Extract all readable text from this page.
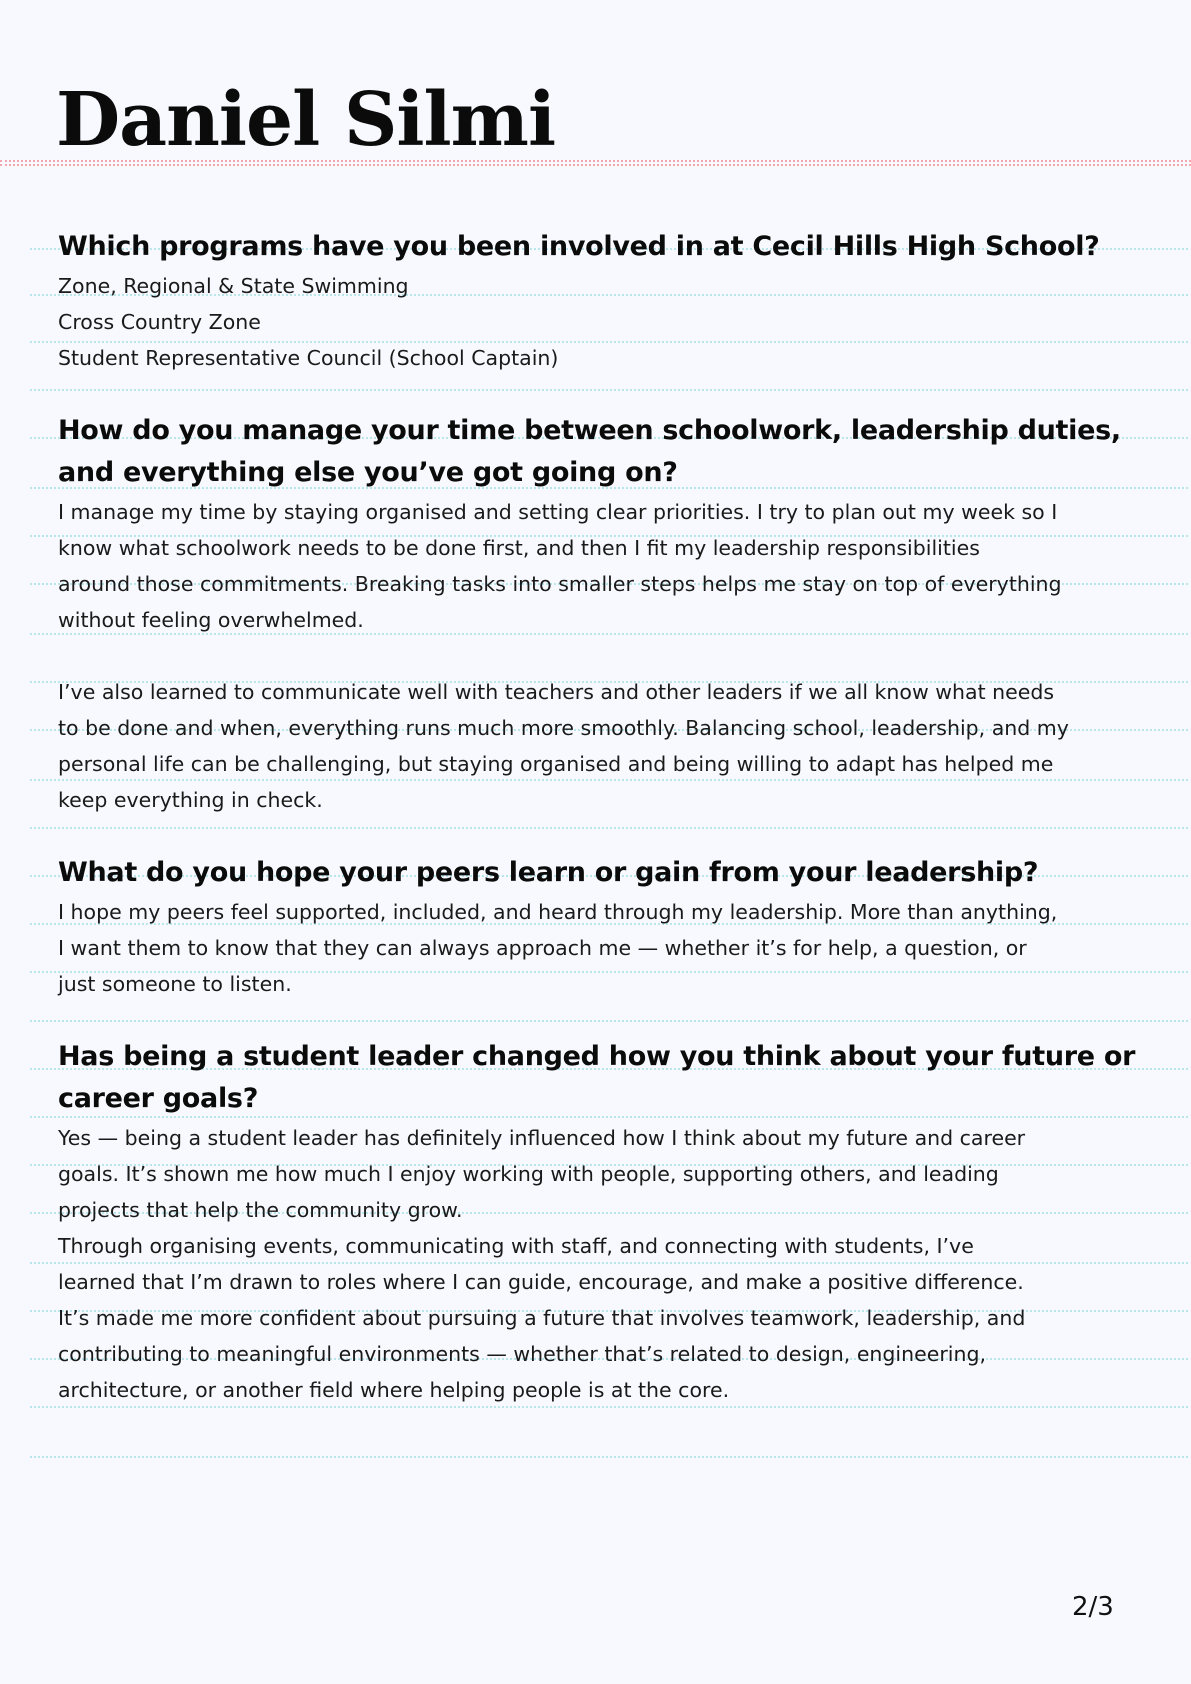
Daniel Silmi
Which programs have you been involved in at Cecil Hills High School?

Zone, Regional & State Swimming
Cross Country Zone
Student Representative Council (School Captain)

How do you manage your time between schoolwork, leadership duties,
and everything else you’ve got going on?

I manage my time by staying organised and setting clear priorities. I try to plan out my week so I
know what schoolwork needs to be done first, and then I fit my leadership responsibilities
around those commitments. Breaking tasks into smaller steps helps me stay on top of everything
without feeling overwhelmed.

I’ve also learned to communicate well with teachers and other leaders if we all know what needs
to be done and when, everything runs much more smoothly. Balancing school, leadership, and my
personal life can be challenging, but staying organised and being willing to adapt has helped me
keep everything in check.

What do you hope your peers learn or gain from your leadership?

I hope my peers feel supported, included, and heard through my leadership. More than anything,
I want them to know that they can always approach me — whether it’s for help, a question, or
just someone to listen.

Has being a student leader changed how you think about your future or
career goals?

Yes — being a student leader has definitely influenced how I think about my future and career
goals. It’s shown me how much I enjoy working with people, supporting others, and leading
projects that help the community grow.
Through organising events, communicating with staff, and connecting with students, I’ve
learned that I’m drawn to roles where I can guide, encourage, and make a positive difference.
It’s made me more confident about pursuing a future that involves teamwork, leadership, and
contributing to meaningful environments — whether that’s related to design, engineering,
architecture, or another field where helping people is at the core.

2/3
